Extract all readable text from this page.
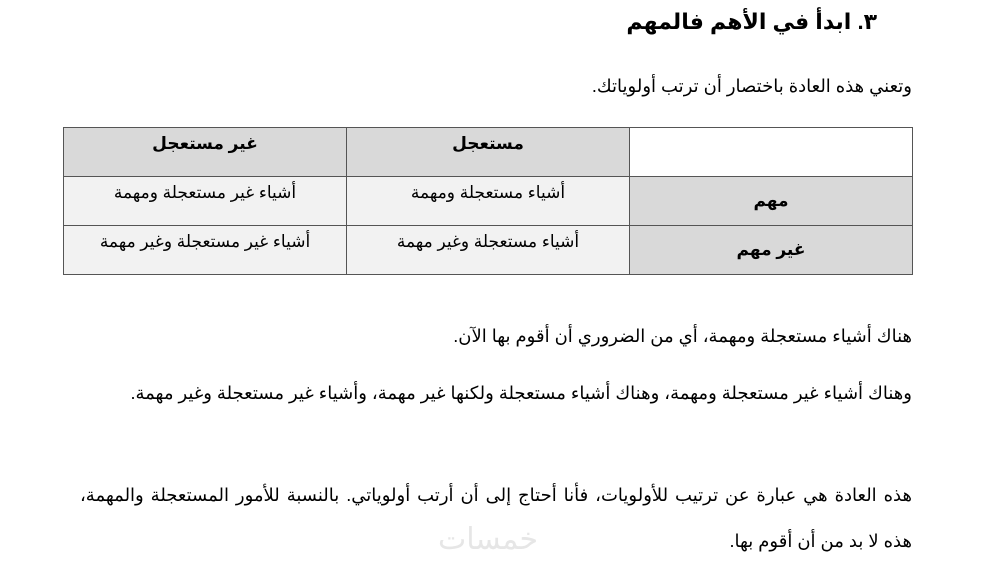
٣. ابدأ في الأهم فالمهم

وتعني هذه العادة باختصار أن ترتب أولوياتك.

	مستعجل	غير مستعجل
مهم	أشياء مستعجلة ومهمة	أشياء غير مستعجلة ومهمة
غير مهم	أشياء مستعجلة وغير مهمة	أشياء غير مستعجلة وغير مهمة

هناك أشياء مستعجلة ومهمة، أي من الضروري أن أقوم بها الآن.

وهناك أشياء غير مستعجلة ومهمة، وهناك أشياء مستعجلة ولكنها غير مهمة، وأشياء غير مستعجلة وغير مهمة.

هذه العادة هي عبارة عن ترتيب للأولويات، فأنا أحتاج إلى أن أرتب أولوياتي. بالنسبة للأمور المستعجلة والمهمة، هذه لا بد من أن أقوم بها.

خمسات
